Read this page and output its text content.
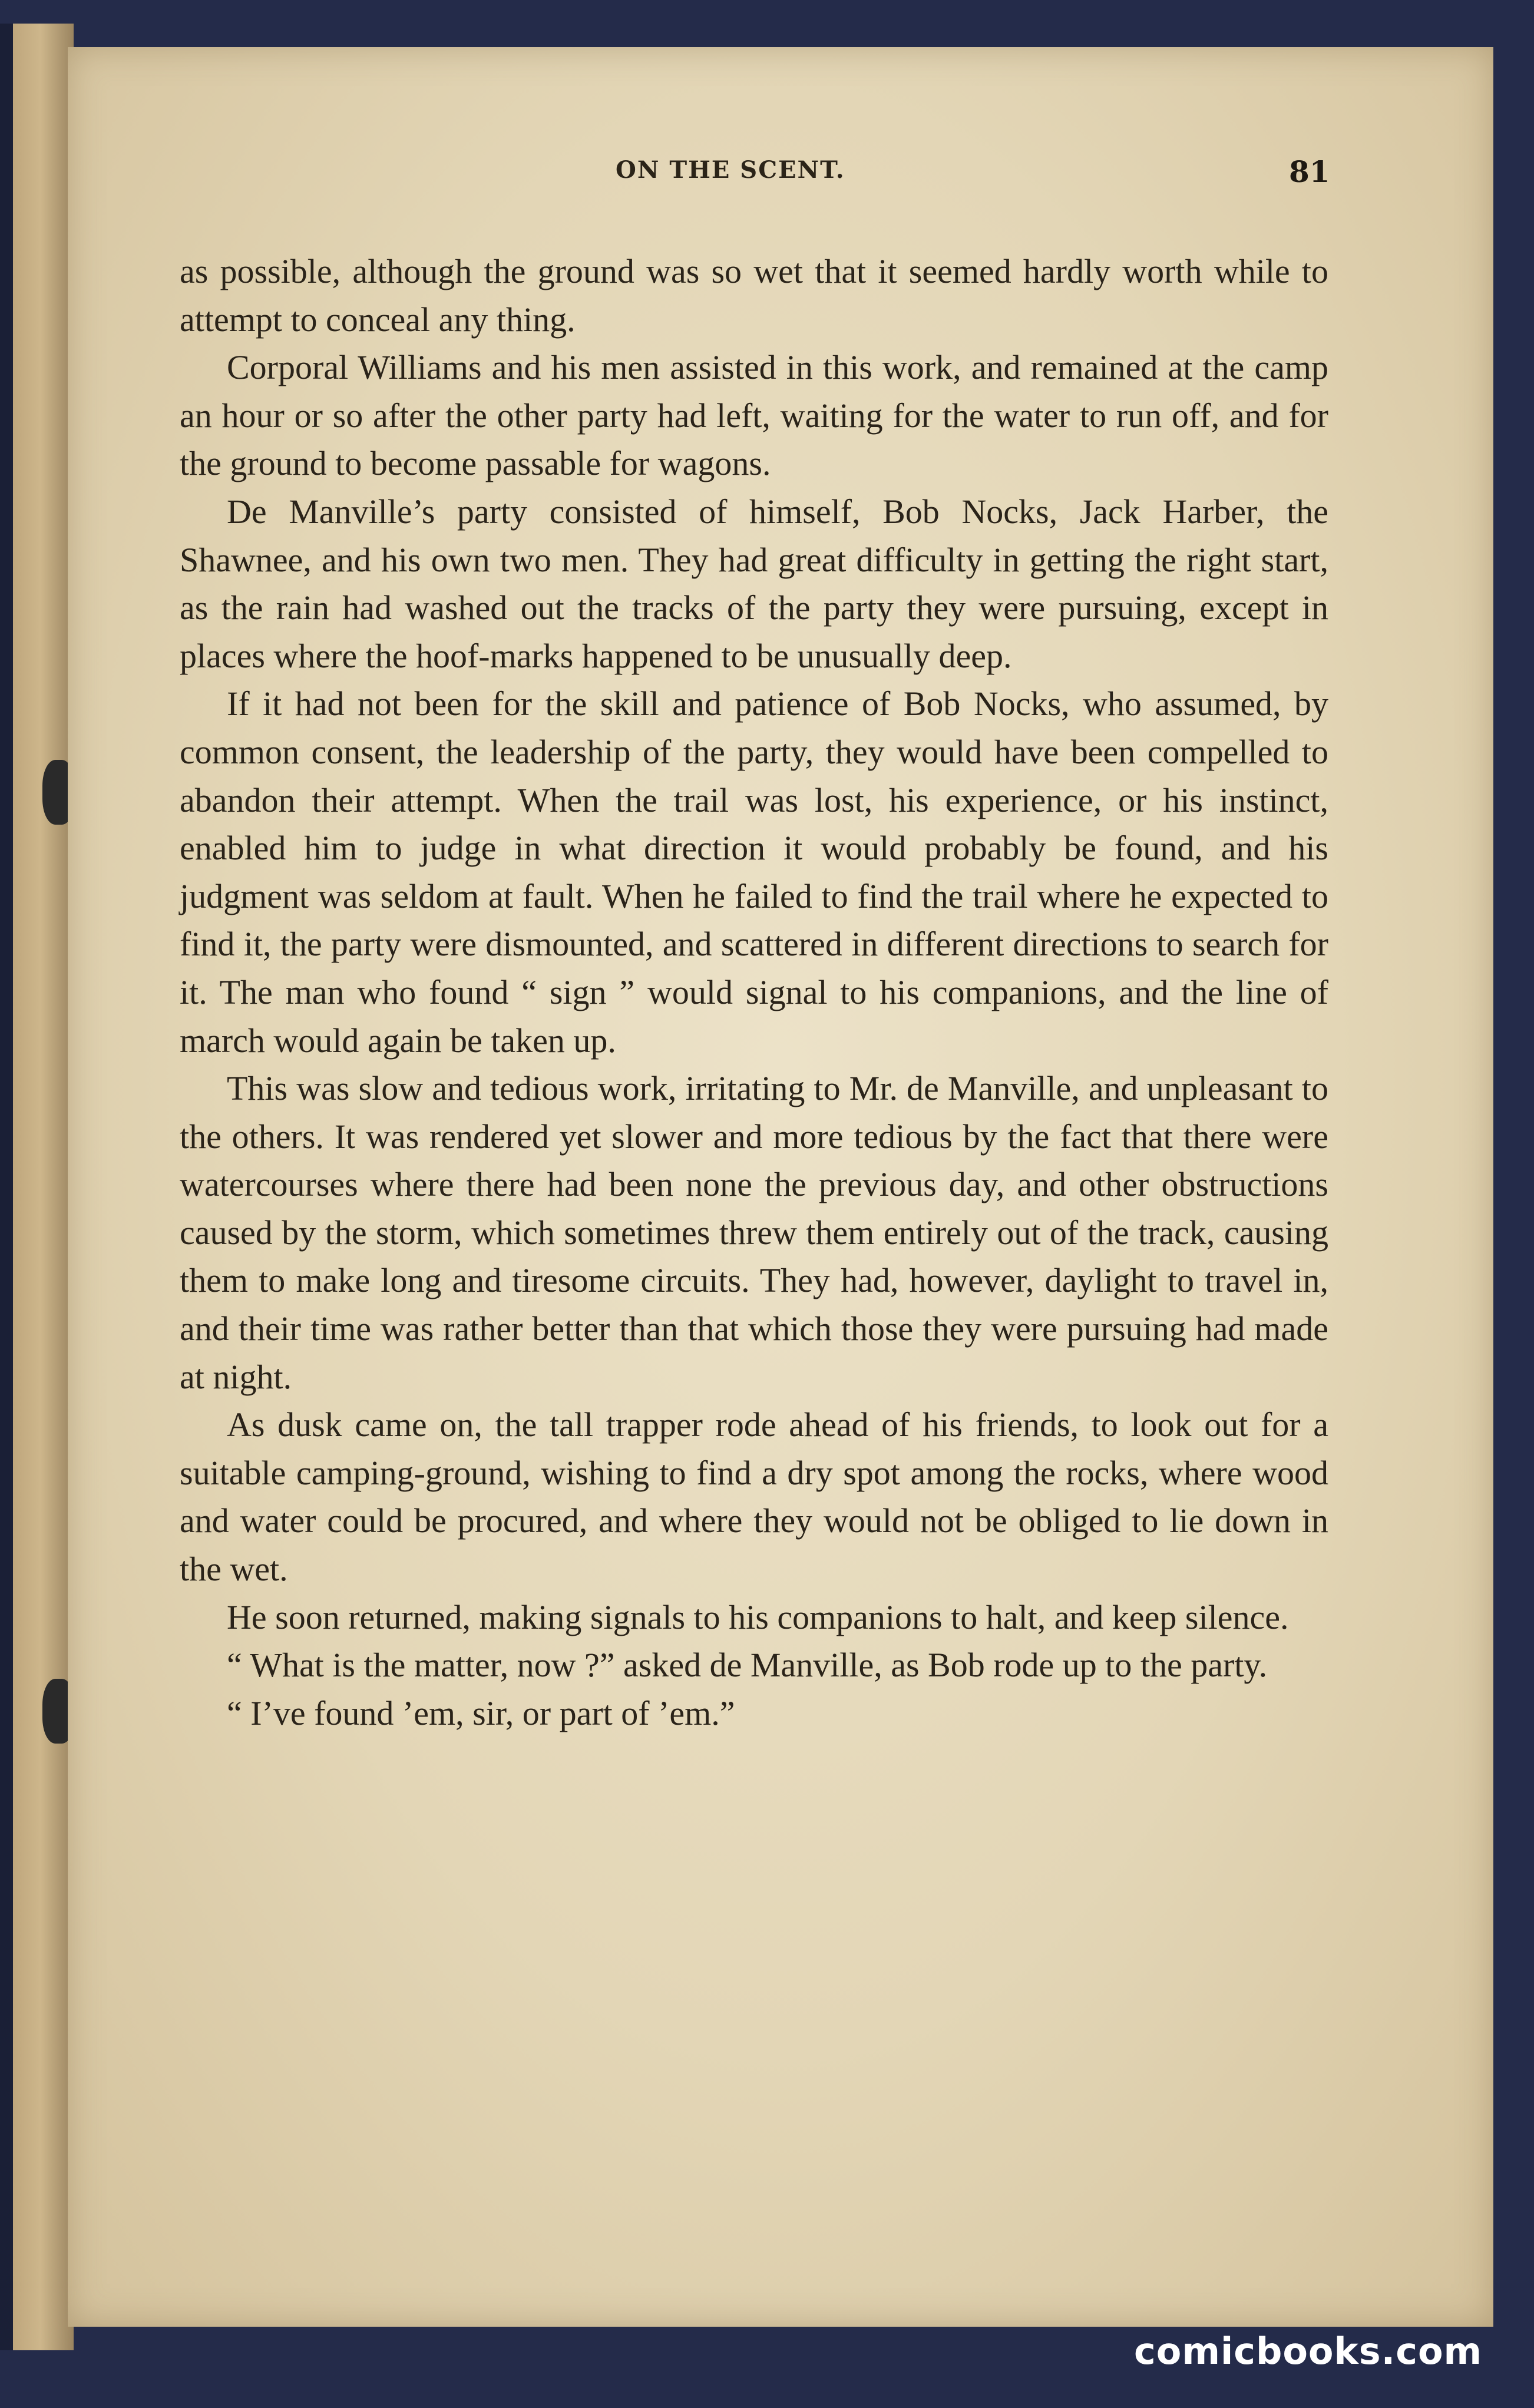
ON THE SCENT.	81

as possible, although the ground was so wet that it seemed hardly worth while to attempt to conceal any thing.

Corporal Williams and his men assisted in this work, and remained at the camp an hour or so after the other party had left, waiting for the water to run off, and for the ground to become passable for wagons.

De Manville’s party consisted of himself, Bob Nocks, Jack Harber, the Shawnee, and his own two men. They had great difficulty in getting the right start, as the rain had washed out the tracks of the party they were pursuing, except in places where the hoof-marks happened to be unusually deep.

If it had not been for the skill and patience of Bob Nocks, who assumed, by common consent, the leadership of the party, they would have been compelled to abandon their attempt. When the trail was lost, his experience, or his instinct, enabled him to judge in what direction it would probably be found, and his judgment was seldom at fault. When he failed to find the trail where he expected to find it, the party were dismounted, and scattered in different directions to search for it. The man who found “ sign ” would signal to his companions, and the line of march would again be taken up.

This was slow and tedious work, irritating to Mr. de Manville, and unpleasant to the others. It was rendered yet slower and more tedious by the fact that there were watercourses where there had been none the previous day, and other obstructions caused by the storm, which sometimes threw them entirely out of the track, causing them to make long and tiresome circuits. They had, however, daylight to travel in, and their time was rather better than that which those they were pursuing had made at night.

As dusk came on, the tall trapper rode ahead of his friends, to look out for a suitable camping-ground, wishing to find a dry spot among the rocks, where wood and water could be procured, and where they would not be obliged to lie down in the wet.

He soon returned, making signals to his companions to halt, and keep silence.

“ What is the matter, now ?” asked de Manville, as Bob rode up to the party.

“ I’ve found ’em, sir, or part of ’em.”

comicbooks.com
